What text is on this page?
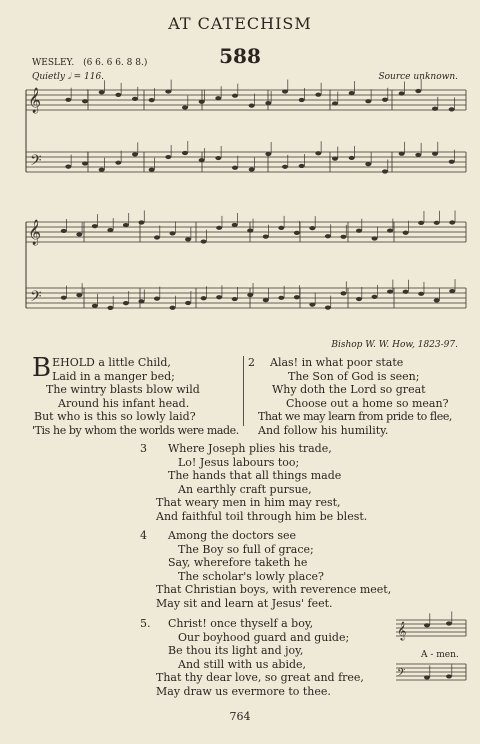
AT CATECHISM
588
WESLEY. (6 6. 6 6. 8 8.)
Quietly 𝅗𝅥 = 116.	Source unknown.
𝄞
𝄢
𝄞
𝄢
𝄞
𝄢
Bishop W. W. How, 1823-97.
BEHOLD a little Child,
Laid in a manger bed;
The wintry blasts blow wild
Around his infant head.
But who is this so lowly laid?
'Tis he by whom the worlds were made.
2 Alas! in what poor state
The Son of God is seen;
Why doth the Lord so great
Choose out a home so mean?
That we may learn from pride to flee,
And follow his humility.
3	Where Joseph plies his trade,
Lo! Jesus labours too;
The hands that all things made
An earthly craft pursue,
That weary men in him may rest,
And faithful toil through him be blest.
4	Among the doctors see
The Boy so full of grace;
Say, wherefore taketh he
The scholar's lowly place?
That Christian boys, with reverence meet,
May sit and learn at Jesus' feet.
5.	Christ! once thyself a boy,
Our boyhood guard and guide;
Be thou its light and joy,
And still with us abide,
That thy dear love, so great and free,
May draw us evermore to thee.
A - men.
764
